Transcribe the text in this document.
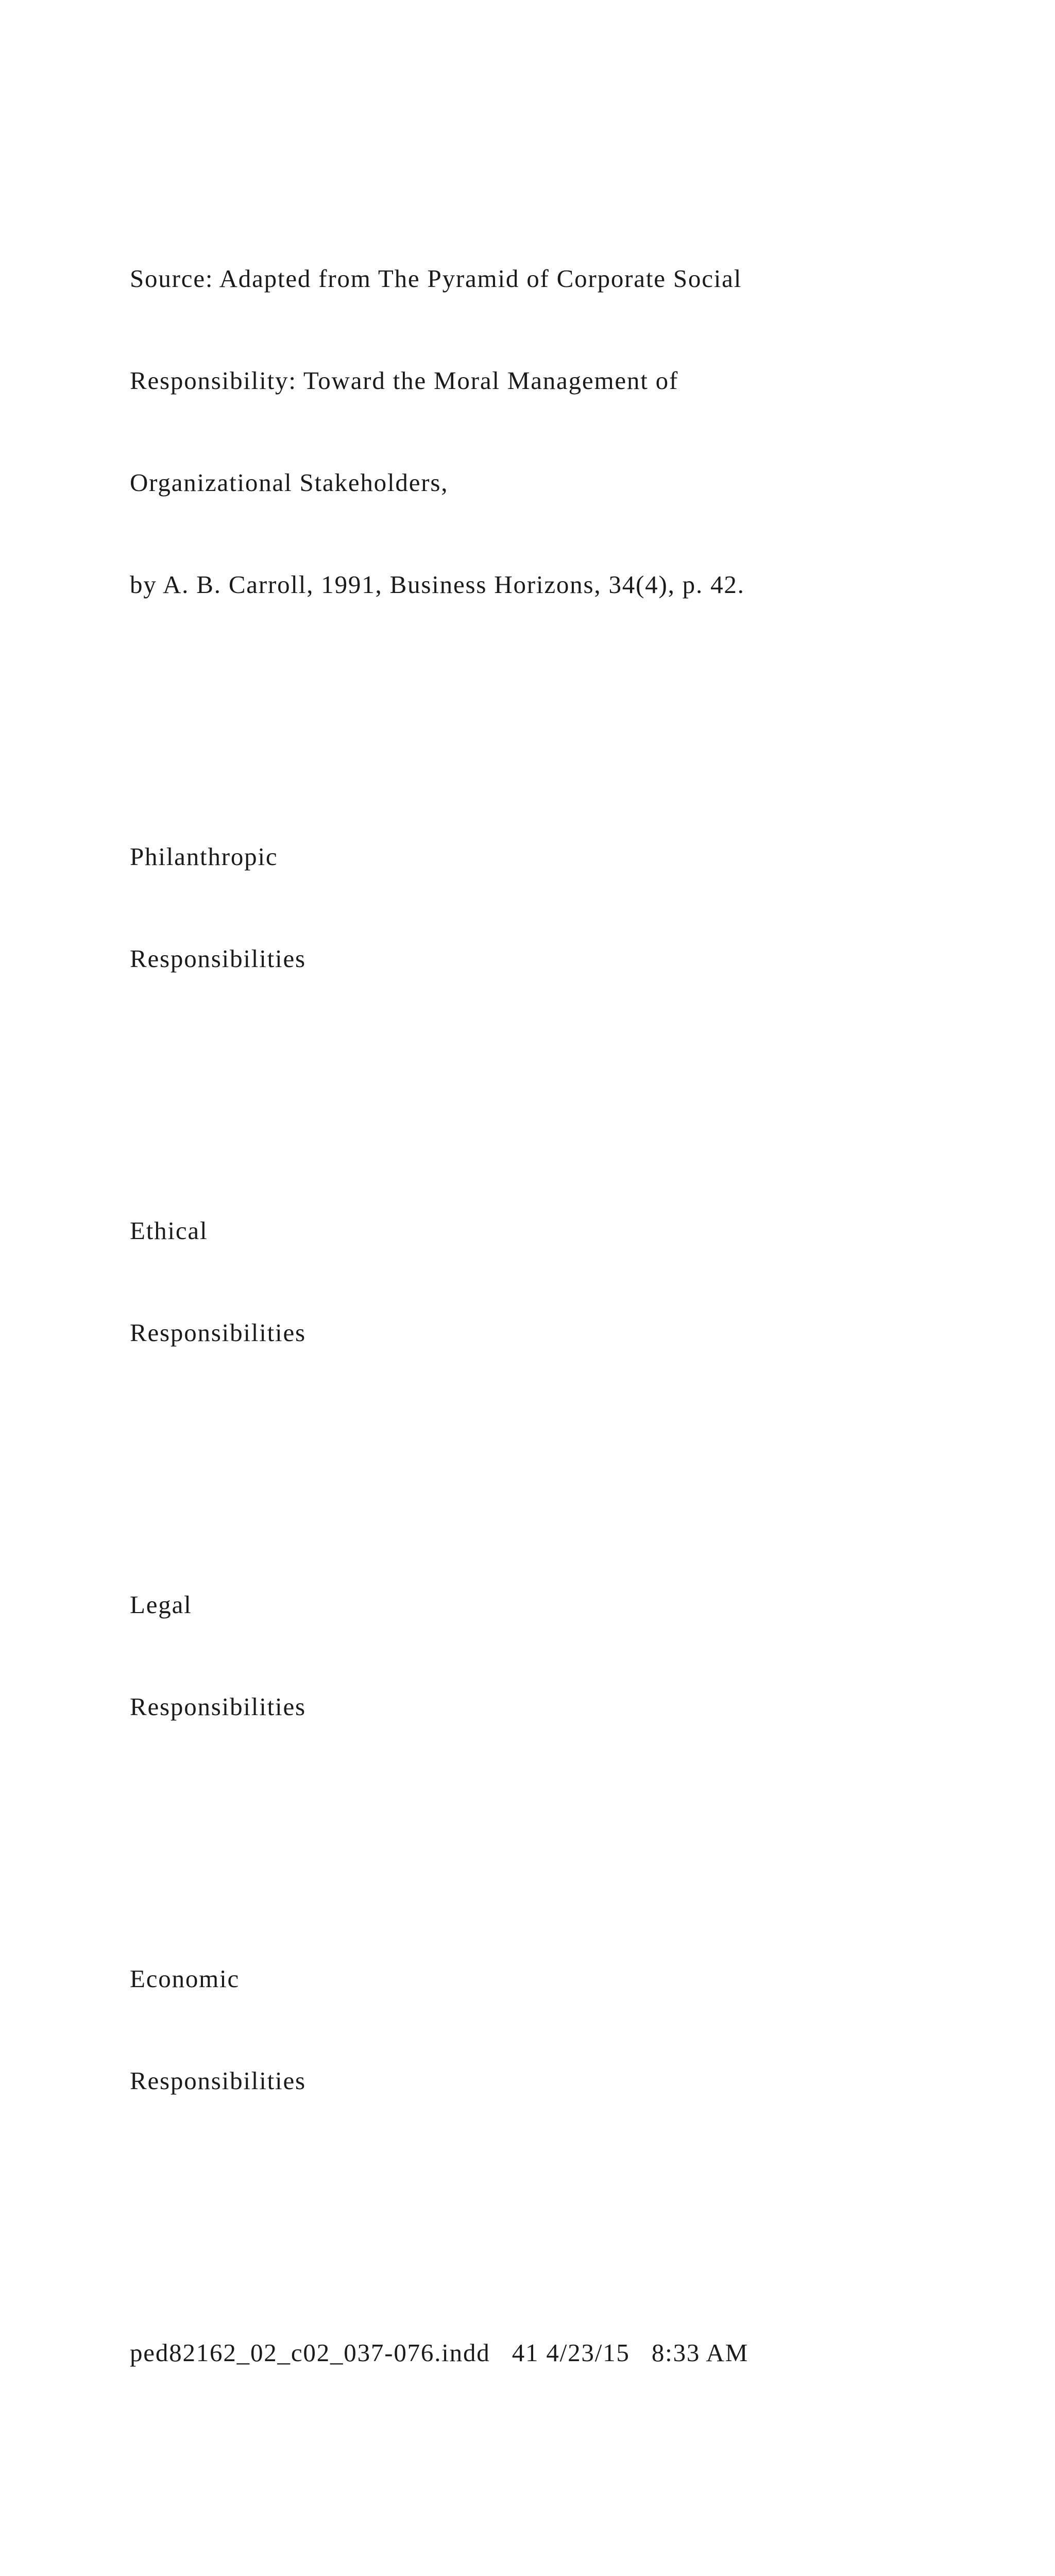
Source: Adapted from The Pyramid of Corporate Social

Responsibility: Toward the Moral Management of

Organizational Stakeholders,

by A. B. Carroll, 1991, Business Horizons, 34(4), p. 42.

Philanthropic

Responsibilities

Ethical

Responsibilities

Legal

Responsibilities

Economic

Responsibilities

ped82162_02_c02_037-076.indd   41 4/23/15   8:33 AM
